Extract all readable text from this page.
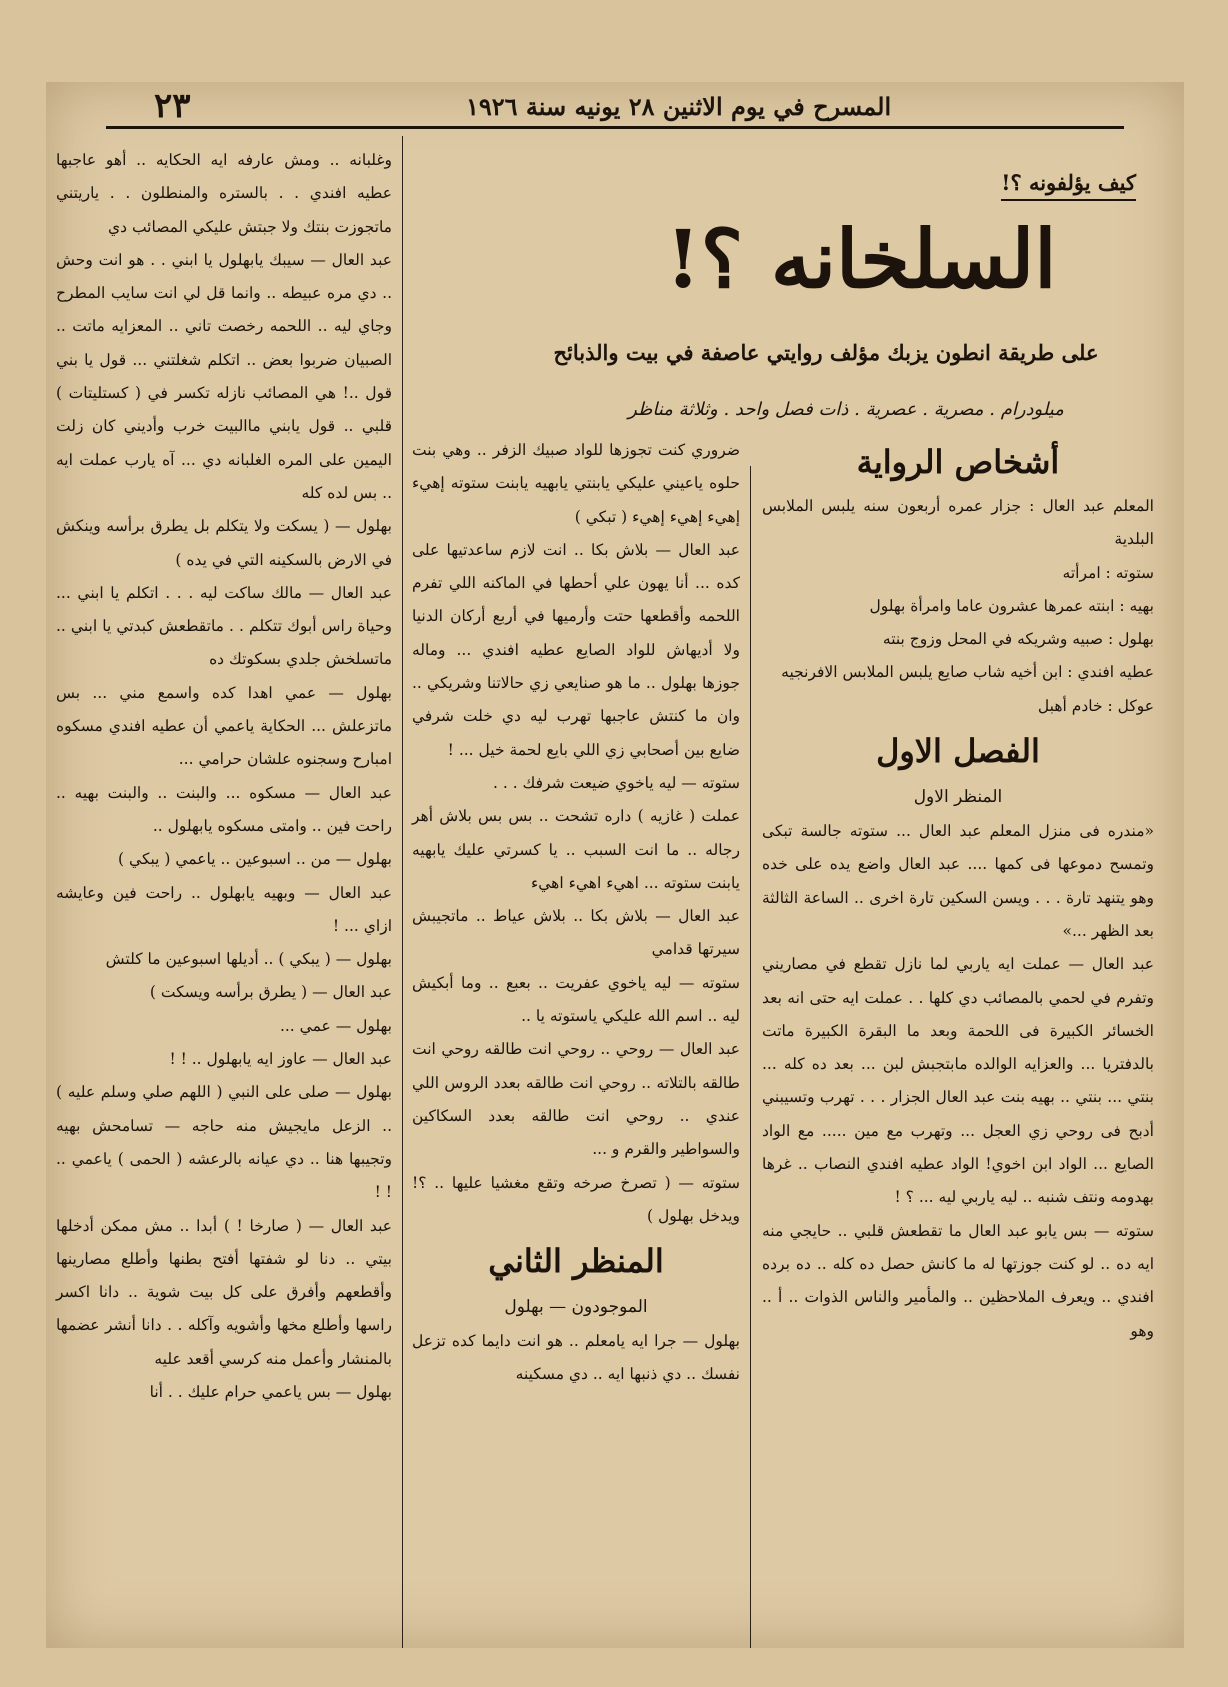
٢٣	المسرح في يوم الاثنين ٢٨ يونيه سنة ١٩٢٦
كيف يؤلفونه ؟!
السلخانه ؟!
على طريقة انطون يزبك مؤلف روايتي عاصفة في بيت والذبائح
ميلودرام . مصرية . عصرية . ذات فصل واحد . وثلاثة مناظر
أشخاص الرواية

المعلم عبد العال : جزار عمره أربعون سنه يلبس الملابس البلدية

ستوته : امرأته

بهيه : ابنته عمرها عشرون عاما وامرأة بهلول

بهلول : صبيه وشريكه في المحل وزوج بنته

عطيه افندي : ابن أخيه شاب صايع يلبس الملابس الافرنجيه

عوكل : خادم أهبل

الفصل الاول
المنظر الاول

«مندره فى منزل المعلم عبد العال ... ستوته جالسة تبكى وتمسح دموعها فى كمها .... عبد العال واضع يده على خده وهو يتنهد تارة . . . ويسن السكين تارة اخرى .. الساعة الثالثة بعد الظهر ...»

عبد العال — عملت ايه ياربي لما نازل تقطع في مصاريني وتفرم في لحمي بالمصائب دي كلها . . عملت ايه حتى انه بعد الخسائر الكبيرة فى اللحمة وبعد ما البقرة الكبيرة ماتت بالدفتريا ... والعزايه الوالده مابتجبش لبن ... بعد ده كله ... بنتي ... بنتي .. بهيه بنت عبد العال الجزار . . . تهرب وتسيبني أدبح فى روحي زي العجل ... وتهرب مع مين ..... مع الواد الصايع ... الواد ابن اخوي! الواد عطيه افندي النصاب .. غرها بهدومه ونتف شنبه .. ليه ياربي ليه ... ؟ !

ستوته — بس يابو عبد العال ما تقطعش قلبي .. حايجي منه ايه ده .. لو كنت جوزتها له ما كانش حصل ده كله .. ده برده افندي .. ويعرف الملاحظين .. والمأمير والناس الذوات .. أ .. وهو

ضروري كنت تجوزها للواد صبيك الزفر .. وهي بنت حلوه ياعيني عليكي يابنتي يابهيه يابنت ستوته إهيء إهيء إهيء إهيء ( تبكي )

عبد العال — بلاش بكا .. انت لازم ساعدتيها على كده ... أنا يهون علي أحطها في الماكنه اللي تفرم اللحمه وأقطعها حتت وأرميها في أربع أركان الدنيا ولا أديهاش للواد الصايع عطيه افندي ... وماله جوزها بهلول .. ما هو صنايعي زي حالاتنا وشريكي .. وان ما كنتش عاجبها تهرب ليه دي خلت شرفي ضايع بين أصحابي زي اللي بايع لحمة خيل ... !

ستوته — ليه ياخوي ضيعت شرفك . . .

عملت ( غازيه ) داره تشحت .. بس بس بلاش أهر رجاله .. ما انت السبب .. يا كسرتي عليك يابهيه يابنت ستوته ... اهيء اهيء اهيء

عبد العال — بلاش بكا .. بلاش عياط .. ماتجيبش سيرتها قدامي

ستوته — ليه ياخوي عفريت .. بعبع .. وما أبكيش ليه .. اسم الله عليكي ياستوته يا ..

عبد العال — روحي .. روحي انت طالقه روحي انت طالقه بالتلاته .. روحي انت طالقه بعدد الروس اللي عندي .. روحي انت طالقه بعدد السكاكين والسواطير والقرم و ...

ستوته — ( تصرخ صرخه وتقع مغشيا عليها .. ؟! ويدخل بهلول )

المنظر الثاني
الموجودون — بهلول

بهلول — جرا ايه يامعلم .. هو انت دايما كده تزعل نفسك .. دي ذنبها ايه .. دي مسكينه

وغلبانه .. ومش عارفه ايه الحكايه .. أهو عاجبها عطيه افندي . . بالستره والمنطلون . . ياريتني ماتجوزت بنتك ولا جبتش عليكي المصائب دي

عبد العال — سيبك يابهلول يا ابني . . هو انت وحش .. دي مره عبيطه .. وانما قل لي انت سايب المطرح وجاي ليه .. اللحمه رخصت تاني .. المعزايه ماتت .. الصبيان ضربوا بعض .. اتكلم شغلتني ... قول يا بني قول ..! هي المصائب نازله تكسر في ( كستليتات ) قلبي .. قول يابني ماالبيت خرب وأديني كان زلت اليمين على المره الغلبانه دي ... آه يارب عملت ايه .. بس لده كله

بهلول — ( يسكت ولا يتكلم بل يطرق برأسه وينكش في الارض بالسكينه التي في يده )

عبد العال — مالك ساكت ليه . . . اتكلم يا ابني ... وحياة راس أبوك تتكلم . . ماتقطعش كبدتي يا ابني .. ماتسلخش جلدي بسكوتك ده

بهلول — عمي اهدا كده واسمع مني ... بس ماتزعلش ... الحكاية ياعمي أن عطيه افندي مسكوه امبارح وسجنوه علشان حرامي ...

عبد العال — مسكوه ... والبنت .. والبنت بهيه .. راحت فين .. وامتى مسكوه يابهلول ..

بهلول — من .. اسبوعين .. ياعمي ( يبكي )

عبد العال — وبهيه يابهلول .. راحت فين وعايشه ازاي ... !

بهلول — ( يبكي ) .. أديلها اسبوعين ما كلتش

عبد العال — ( يطرق برأسه ويسكت )

بهلول — عمي ...

عبد العال — عاوز ايه يابهلول .. ! !

بهلول — صلى على النبي ( اللهم صلي وسلم عليه ) .. الزعل مايجيش منه حاجه — تسامحش بهيه وتجيبها هنا .. دي عيانه بالرعشه ( الحمى ) ياعمي .. ! !

عبد العال — ( صارخا ! ) أبدا .. مش ممكن أدخلها بيتي .. دنا لو شفتها أفتح بطنها وأطلع مصارينها وأقطعهم وأفرق على كل بيت شوية .. دانا اكسر راسها وأطلع مخها وأشويه وآكله . . دانا أنشر عضمها بالمنشار وأعمل منه كرسي أقعد عليه

بهلول — بس ياعمي حرام عليك . . أنا
